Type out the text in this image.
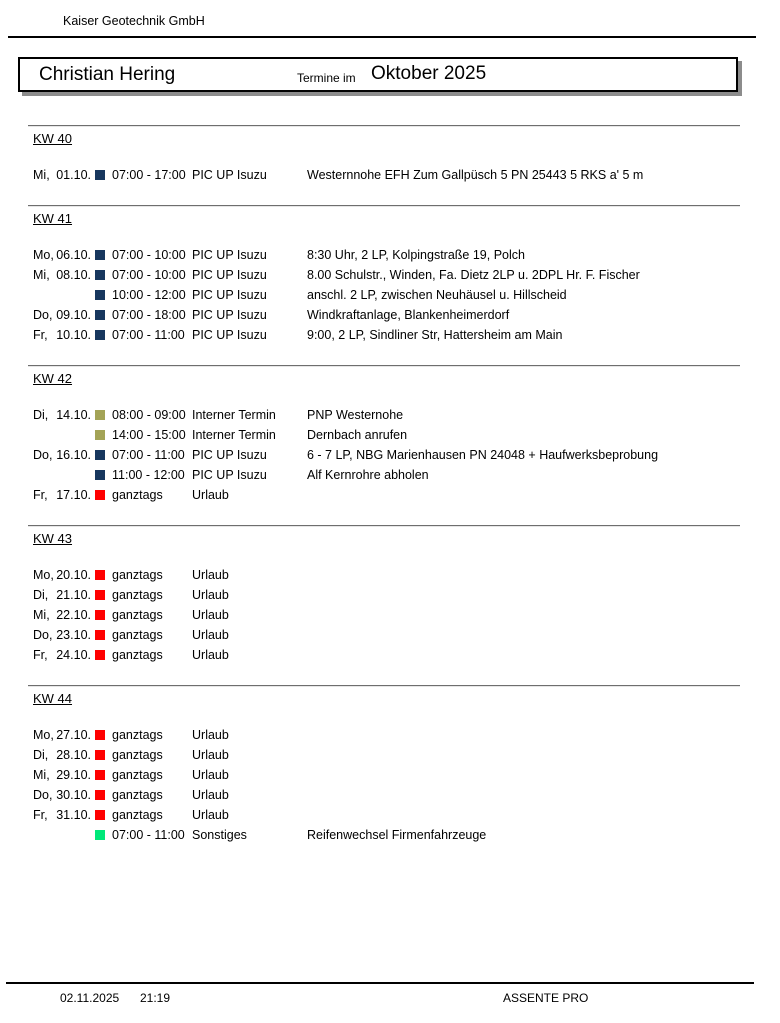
Kaiser Geotechnik GmbH
Christian Hering	Termine im Oktober 2025
KW 40
Mi, 01.10. 07:00 - 17:00 PIC UP Isuzu	Westernnohe EFH Zum Gallpüsch 5 PN 25443 5 RKS a' 5 m
KW 41
Mo, 06.10. 07:00 - 10:00 PIC UP Isuzu	8:30 Uhr, 2 LP, Kolpingstraße 19, Polch
Mi, 08.10. 07:00 - 10:00 PIC UP Isuzu	8.00 Schulstr., Winden, Fa. Dietz 2LP u. 2DPL Hr. F. Fischer
10:00 - 12:00 PIC UP Isuzu	anschl. 2 LP, zwischen Neuhäusel u. Hillscheid
Do, 09.10. 07:00 - 18:00 PIC UP Isuzu	Windkraftanlage, Blankenheimerdorf
Fr, 10.10. 07:00 - 11:00 PIC UP Isuzu	9:00, 2 LP, Sindliner Str, Hattersheim am Main
KW 42
Di, 14.10. 08:00 - 09:00 Interner Termin	PNP Westernohe
14:00 - 15:00 Interner Termin	Dernbach anrufen
Do, 16.10. 07:00 - 11:00 PIC UP Isuzu	6 - 7 LP, NBG Marienhausen PN 24048 + Haufwerksbeprobung
11:00 - 12:00 PIC UP Isuzu	Alf Kernrohre abholen
Fr, 17.10. ganztags	Urlaub
KW 43
Mo, 20.10. ganztags	Urlaub
Di, 21.10. ganztags	Urlaub
Mi, 22.10. ganztags	Urlaub
Do, 23.10. ganztags	Urlaub
Fr, 24.10. ganztags	Urlaub
KW 44
Mo, 27.10. ganztags	Urlaub
Di, 28.10. ganztags	Urlaub
Mi, 29.10. ganztags	Urlaub
Do, 30.10. ganztags	Urlaub
Fr, 31.10. ganztags	Urlaub
07:00 - 11:00 Sonstiges	Reifenwechsel Firmenfahrzeuge
02.11.2025 21:19	ASSENTE PRO
